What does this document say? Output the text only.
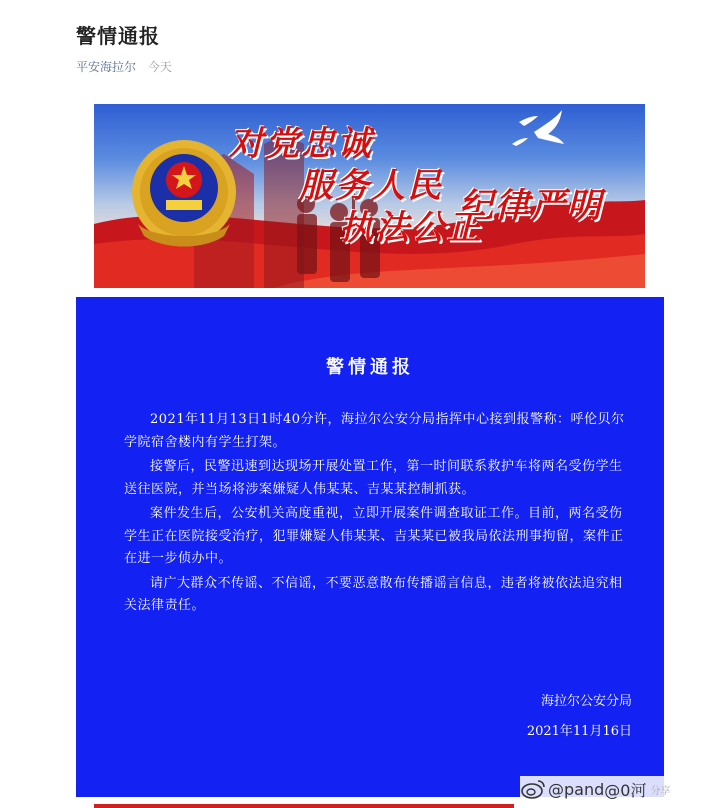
警情通报
平安海拉尔 今天
对党忠诚
服务人民 纪律严明
执法公正
警情通报

2021年11月13日1时40分许，海拉尔公安分局指挥中心接到报警称：呼伦贝尔学院宿舍楼内有学生打架。

接警后，民警迅速到达现场开展处置工作，第一时间联系救护车将两名受伤学生送往医院，并当场将涉案嫌疑人伟某某、吉某某控制抓获。

案件发生后，公安机关高度重视，立即开展案件调查取证工作。目前，两名受伤学生正在医院接受治疗，犯罪嫌疑人伟某某、吉某某已被我局依法刑事拘留，案件正在进一步侦办中。

请广大群众不传谣、不信谣，不要恶意散布传播谣言信息，违者将被依法追究相关法律责任。

海拉尔公安分局
2021年11月16日
@pand @0河 分享
